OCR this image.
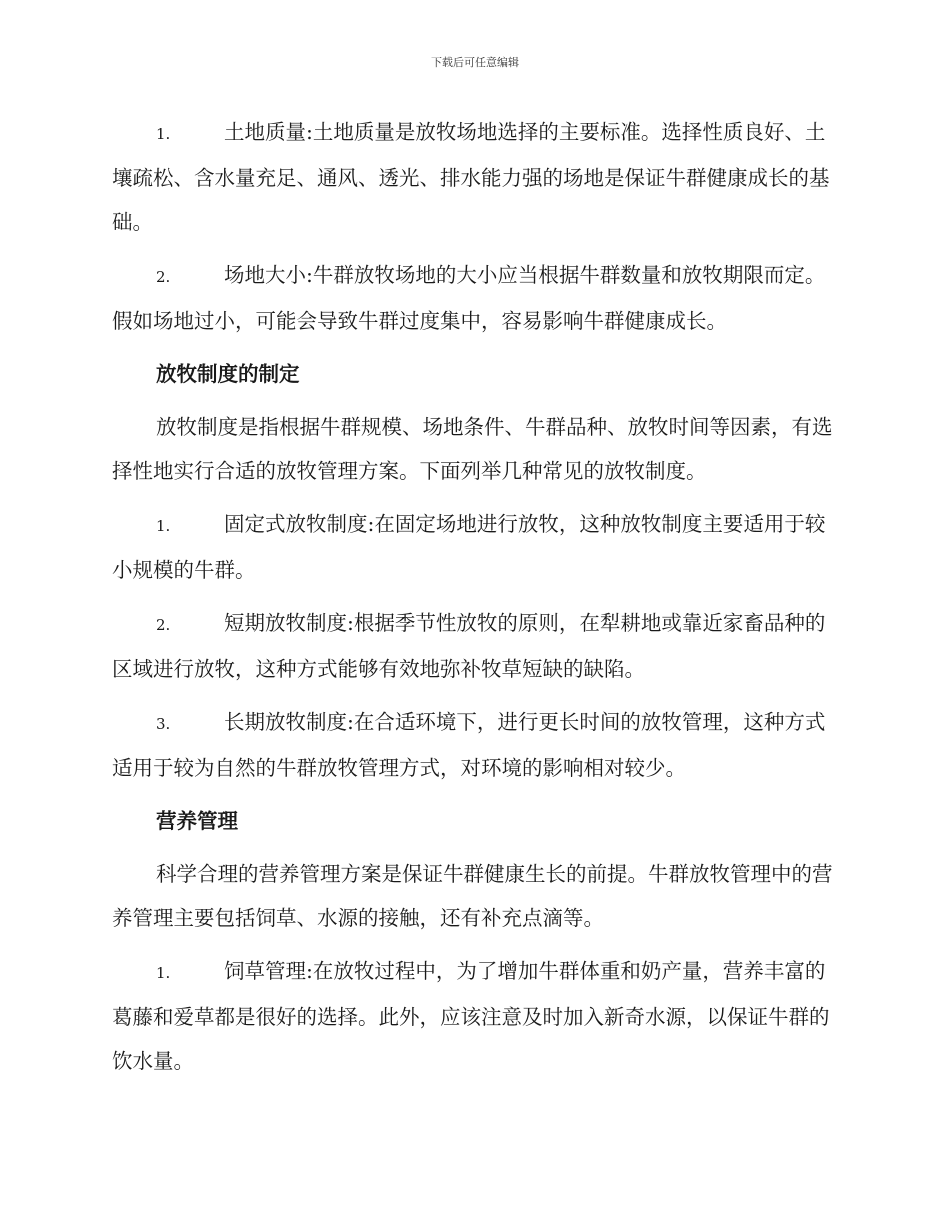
下载后可任意编辑

1.	土地质量:土地质量是放牧场地选择的主要标准。选择性质良好、土壤疏松、含水量充足、通风、透光、排水能力强的场地是保证牛群健康成长的基础。

2.	场地大小:牛群放牧场地的大小应当根据牛群数量和放牧期限而定。假如场地过小，可能会导致牛群过度集中，容易影响牛群健康成长。

放牧制度的制定

放牧制度是指根据牛群规模、场地条件、牛群品种、放牧时间等因素，有选择性地实行合适的放牧管理方案。下面列举几种常见的放牧制度。

1.	固定式放牧制度:在固定场地进行放牧，这种放牧制度主要适用于较小规模的牛群。

2.	短期放牧制度:根据季节性放牧的原则，在犁耕地或靠近家畜品种的区域进行放牧，这种方式能够有效地弥补牧草短缺的缺陷。

3.	长期放牧制度:在合适环境下，进行更长时间的放牧管理，这种方式适用于较为自然的牛群放牧管理方式，对环境的影响相对较少。

营养管理

科学合理的营养管理方案是保证牛群健康生长的前提。牛群放牧管理中的营养管理主要包括饲草、水源的接触，还有补充点滴等。

1.	饲草管理:在放牧过程中，为了增加牛群体重和奶产量，营养丰富的葛藤和爱草都是很好的选择。此外，应该注意及时加入新奇水源，以保证牛群的饮水量。
